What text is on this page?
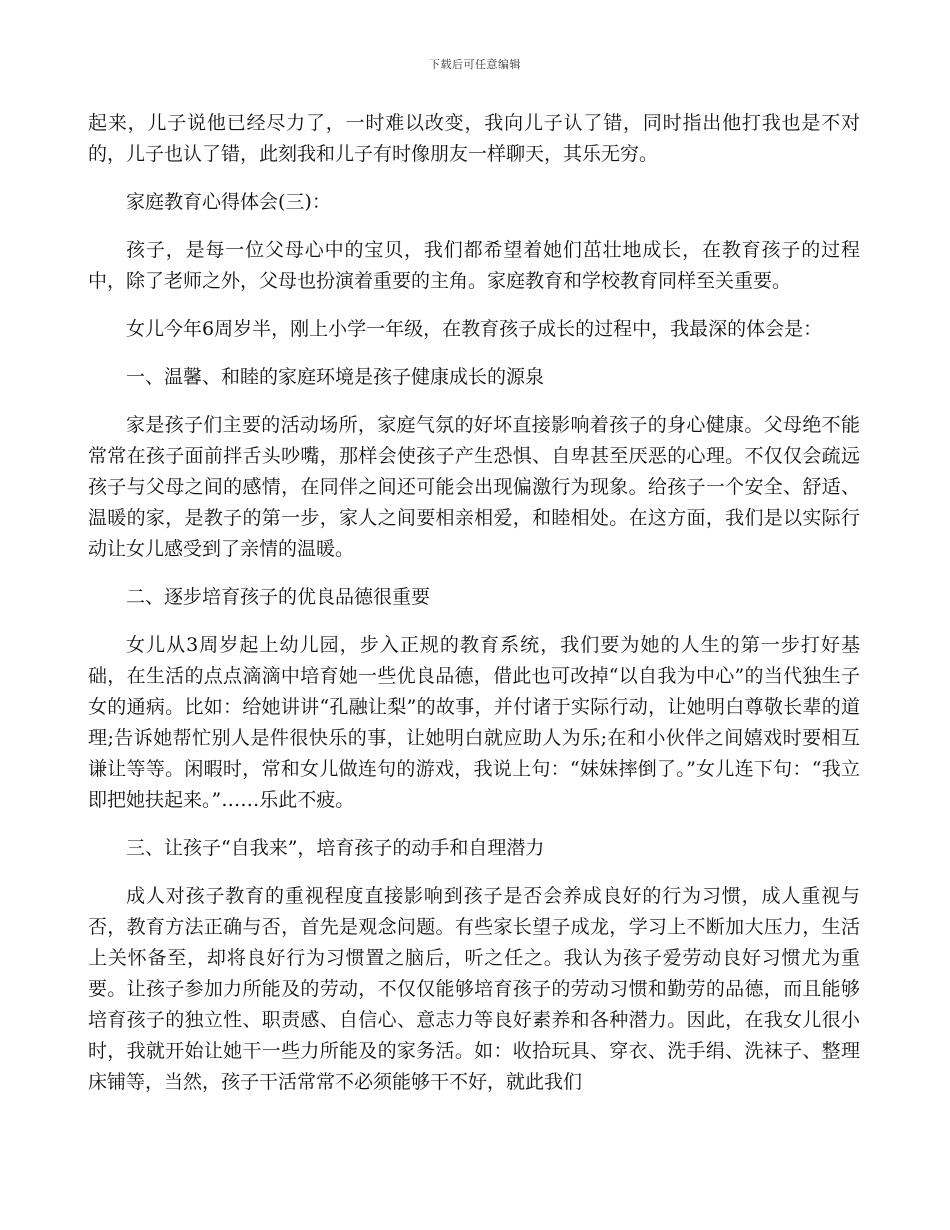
下载后可任意编辑

起来，儿子说他已经尽力了，一时难以改变，我向儿子认了错，同时指出他打我也是不对的，儿子也认了错，此刻我和儿子有时像朋友一样聊天，其乐无穷。

家庭教育心得体会(三)：

孩子，是每一位父母心中的宝贝，我们都希望着她们茁壮地成长，在教育孩子的过程中，除了老师之外，父母也扮演着重要的主角。家庭教育和学校教育同样至关重要。

女儿今年6周岁半，刚上小学一年级，在教育孩子成长的过程中，我最深的体会是：

一、温馨、和睦的家庭环境是孩子健康成长的源泉

家是孩子们主要的活动场所，家庭气氛的好坏直接影响着孩子的身心健康。父母绝不能常常在孩子面前拌舌头吵嘴，那样会使孩子产生恐惧、自卑甚至厌恶的心理。不仅仅会疏远孩子与父母之间的感情，在同伴之间还可能会出现偏激行为现象。给孩子一个安全、舒适、温暖的家，是教子的第一步，家人之间要相亲相爱，和睦相处。在这方面，我们是以实际行动让女儿感受到了亲情的温暖。

二、逐步培育孩子的优良品德很重要

女儿从3周岁起上幼儿园，步入正规的教育系统，我们要为她的人生的第一步打好基础，在生活的点点滴滴中培育她一些优良品德，借此也可改掉“以自我为中心”的当代独生子女的通病。比如：给她讲讲“孔融让梨”的故事，并付诸于实际行动，让她明白尊敬长辈的道理;告诉她帮忙别人是件很快乐的事，让她明白就应助人为乐;在和小伙伴之间嬉戏时要相互谦让等等。闲暇时，常和女儿做连句的游戏，我说上句：“妹妹摔倒了。”女儿连下句：“我立即把她扶起来。”……乐此不疲。

三、让孩子“自我来”，培育孩子的动手和自理潜力

成人对孩子教育的重视程度直接影响到孩子是否会养成良好的行为习惯，成人重视与否，教育方法正确与否，首先是观念问题。有些家长望子成龙，学习上不断加大压力，生活上关怀备至，却将良好行为习惯置之脑后，听之任之。我认为孩子爱劳动良好习惯尤为重要。让孩子参加力所能及的劳动，不仅仅能够培育孩子的劳动习惯和勤劳的品德，而且能够培育孩子的独立性、职责感、自信心、意志力等良好素养和各种潜力。因此，在我女儿很小时，我就开始让她干一些力所能及的家务活。如：收拾玩具、穿衣、洗手绢、洗袜子、整理床铺等，当然，孩子干活常常不必须能够干不好，就此我们
